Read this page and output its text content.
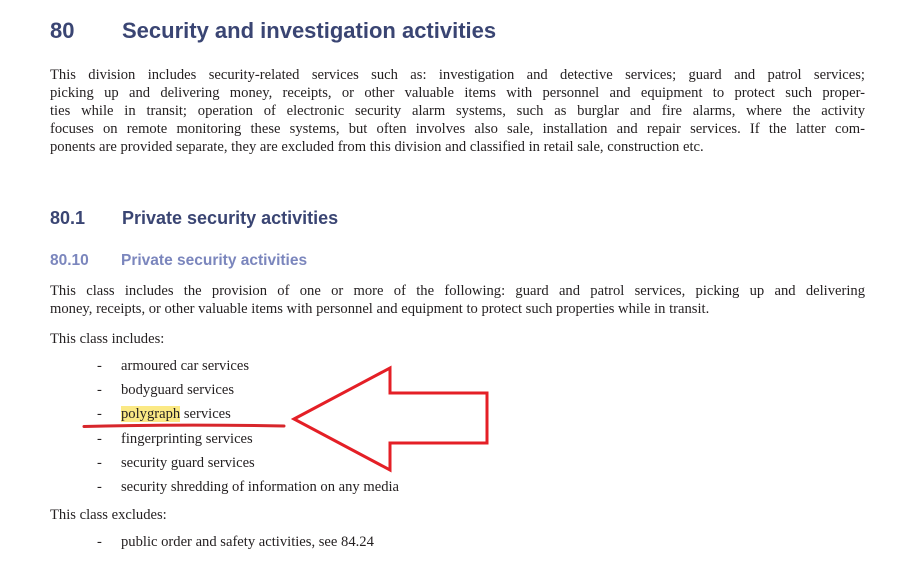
80 Security and investigation activities
This division includes security-related services such as: investigation and detective services; guard and patrol services;
picking up and delivering money, receipts, or other valuable items with personnel and equipment to protect such proper-
ties while in transit; operation of electronic security alarm systems, such as burglar and fire alarms, where the activity
focuses on remote monitoring these systems, but often involves also sale, installation and repair services. If the latter com-
ponents are provided separate, they are excluded from this division and classified in retail sale, construction etc.
80.1 Private security activities
80.10 Private security activities
This class includes the provision of one or more of the following: guard and patrol services, picking up and delivering
money, receipts, or other valuable items with personnel and equipment to protect such properties while in transit.
This class includes:
- armoured car services
- bodyguard services
- polygraph services
- fingerprinting services
- security guard services
- security shredding of information on any media
This class excludes:
- public order and safety activities, see 84.24
